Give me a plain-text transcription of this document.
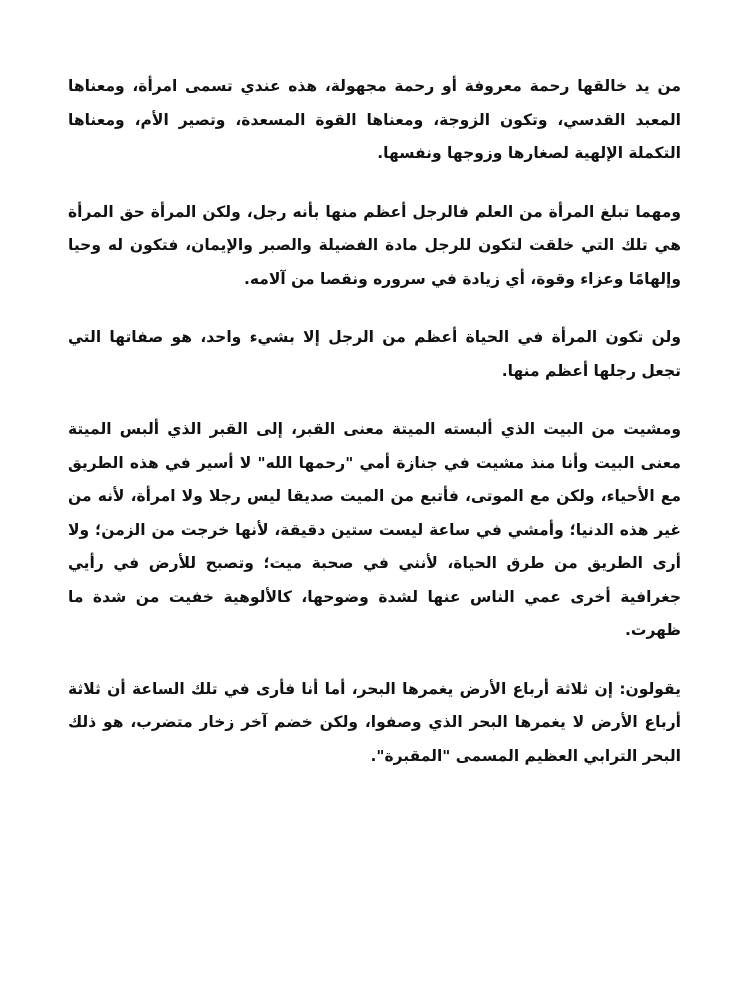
من يد خالقها رحمة معروفة أو رحمة مجهولة، هذه عندي تسمى امرأة، ومعناها المعبد القدسي، وتكون الزوجة، ومعناها القوة المسعدة، وتصير الأم، ومعناها التكملة الإلهية لصغارها وزوجها ونفسها.

ومهما تبلغ المرأة من العلم فالرجل أعظم منها بأنه رجل، ولكن المرأة حق المرأة هي تلك التي خلقت لتكون للرجل مادة الفضيلة والصبر والإيمان، فتكون له وحيا وإلهامًا وعزاء وقوة، أي زيادة في سروره ونقصا من آلامه.

ولن تكون المرأة في الحياة أعظم من الرجل إلا بشيء واحد، هو صفاتها التي تجعل رجلها أعظم منها.

ومشيت من البيت الذي ألبسته الميتة معنى القبر، إلى القبر الذي ألبس الميتة معنى البيت وأنا منذ مشيت في جنازة أمي "رحمها الله" لا أسير في هذه الطريق مع الأحياء، ولكن مع الموتى، فأتبع من الميت صديقا ليس رجلا ولا امرأة، لأنه من غير هذه الدنيا؛ وأمشي في ساعة ليست ستين دقيقة، لأنها خرجت من الزمن؛ ولا أرى الطريق من طرق الحياة، لأنني في صحبة ميت؛ وتصبح للأرض في رأيي جغرافية أخرى عمي الناس عنها لشدة وضوحها، كالألوهية خفيت من شدة ما ظهرت.

يقولون: إن ثلاثة أرباع الأرض يغمرها البحر، أما أنا فأرى في تلك الساعة أن ثلاثة أرباع الأرض لا يغمرها البحر الذي وصفوا، ولكن خضم آخر زخار متضرب، هو ذلك البحر الترابي العظيم المسمى "المقبرة".
